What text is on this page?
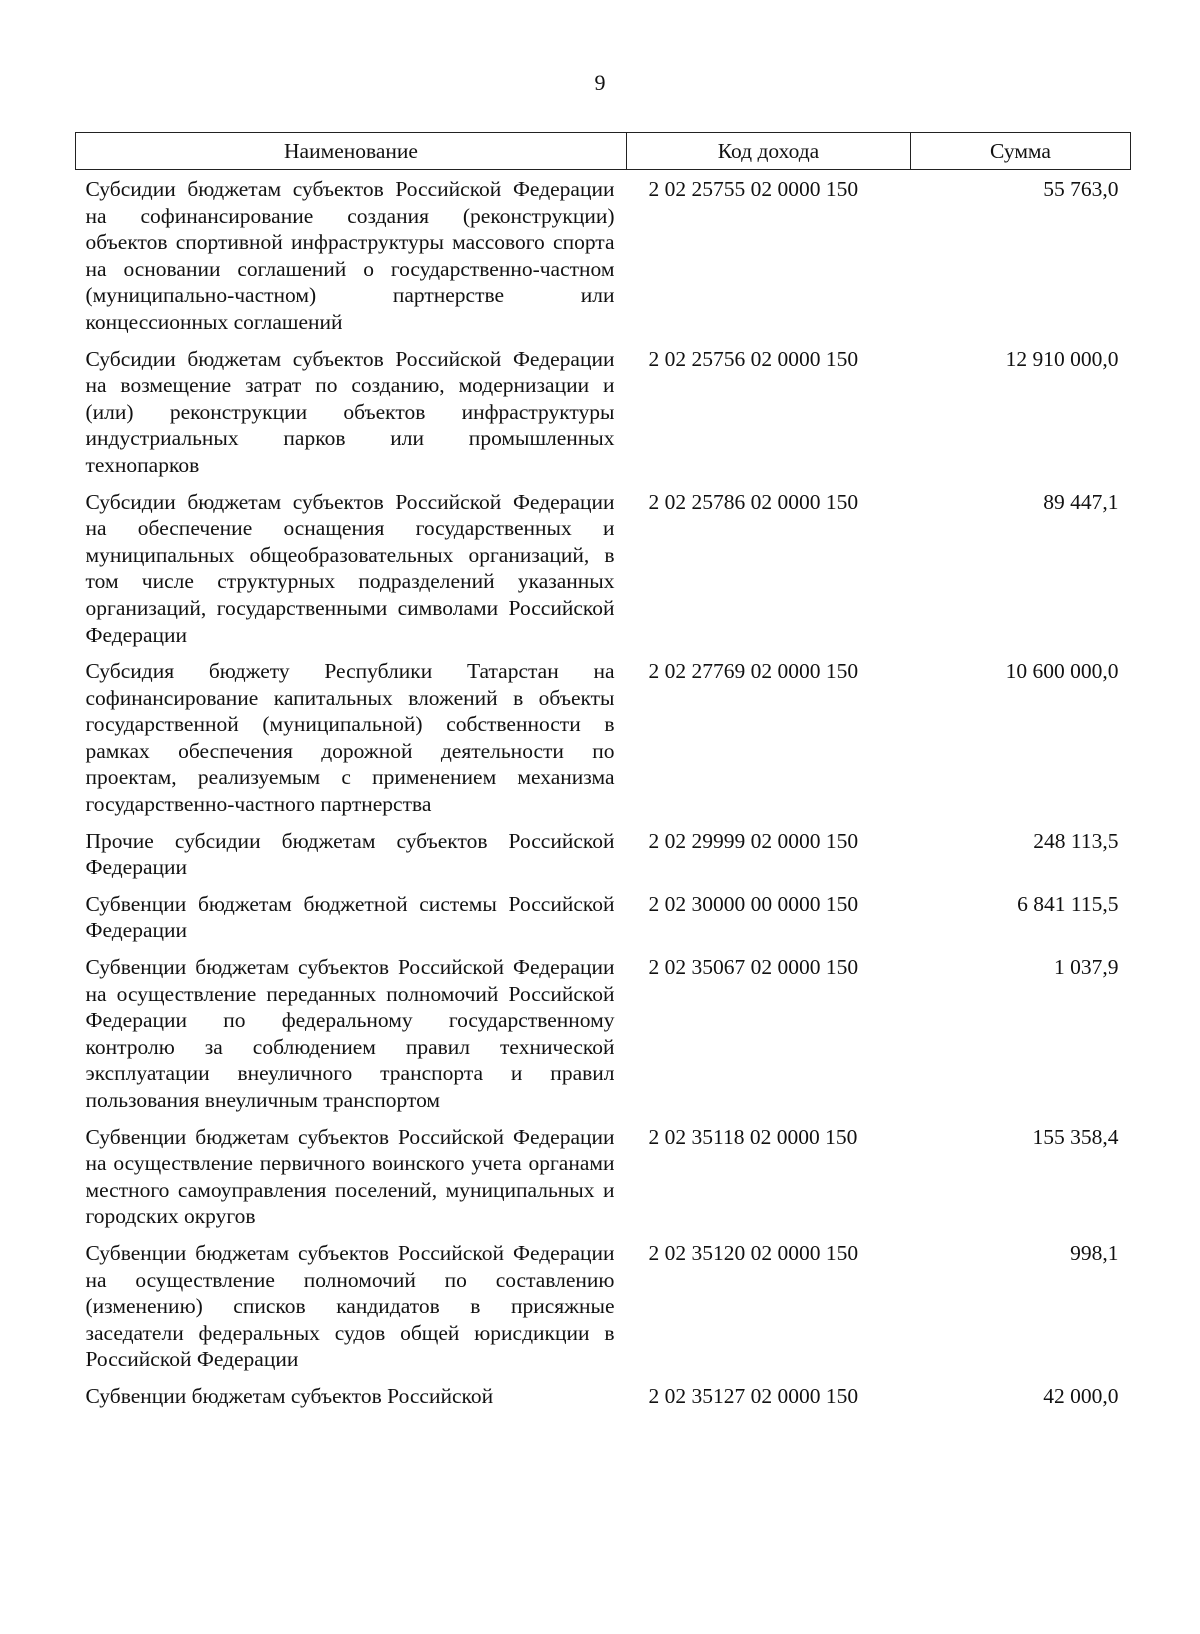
9
Наименование	Код дохода	Сумма
Субсидии бюджетам субъектов Российской Федерации на софинансирование создания (реконструкции) объектов спортивной инфраструктуры массового спорта на основании соглашений о государственно-частном (муниципально-частном) партнерстве или концессионных соглашений	2 02 25755 02 0000 150	55 763,0
Субсидии бюджетам субъектов Российской Федерации на возмещение затрат по созданию, модернизации и (или) реконструкции объектов инфраструктуры индустриальных парков или промышленных технопарков	2 02 25756 02 0000 150	12 910 000,0
Субсидии бюджетам субъектов Российской Федерации на обеспечение оснащения государственных и муниципальных общеобразовательных организаций, в том числе структурных подразделений указанных организаций, государственными символами Российской Федерации	2 02 25786 02 0000 150	89 447,1
Субсидия бюджету Республики Татарстан на софинансирование капитальных вложений в объекты государственной (муниципальной) собственности в рамках обеспечения дорожной деятельности по проектам, реализуемым с применением механизма государственно-частного партнерства	2 02 27769 02 0000 150	10 600 000,0
Прочие субсидии бюджетам субъектов Российской Федерации	2 02 29999 02 0000 150	248 113,5
Субвенции бюджетам бюджетной системы Российской Федерации	2 02 30000 00 0000 150	6 841 115,5
Субвенции бюджетам субъектов Российской Федерации на осуществление переданных полномочий Российской Федерации по федеральному государственному контролю за соблюдением правил технической эксплуатации внеуличного транспорта и правил пользования внеуличным транспортом	2 02 35067 02 0000 150	1 037,9
Субвенции бюджетам субъектов Российской Федерации на осуществление первичного воинского учета органами местного самоуправления поселений, муниципальных и городских округов	2 02 35118 02 0000 150	155 358,4
Субвенции бюджетам субъектов Российской Федерации на осуществление полномочий по составлению (изменению) списков кандидатов в присяжные заседатели федеральных судов общей юрисдикции в Российской Федерации	2 02 35120 02 0000 150	998,1
Субвенции бюджетам субъектов Российской	2 02 35127 02 0000 150	42 000,0
